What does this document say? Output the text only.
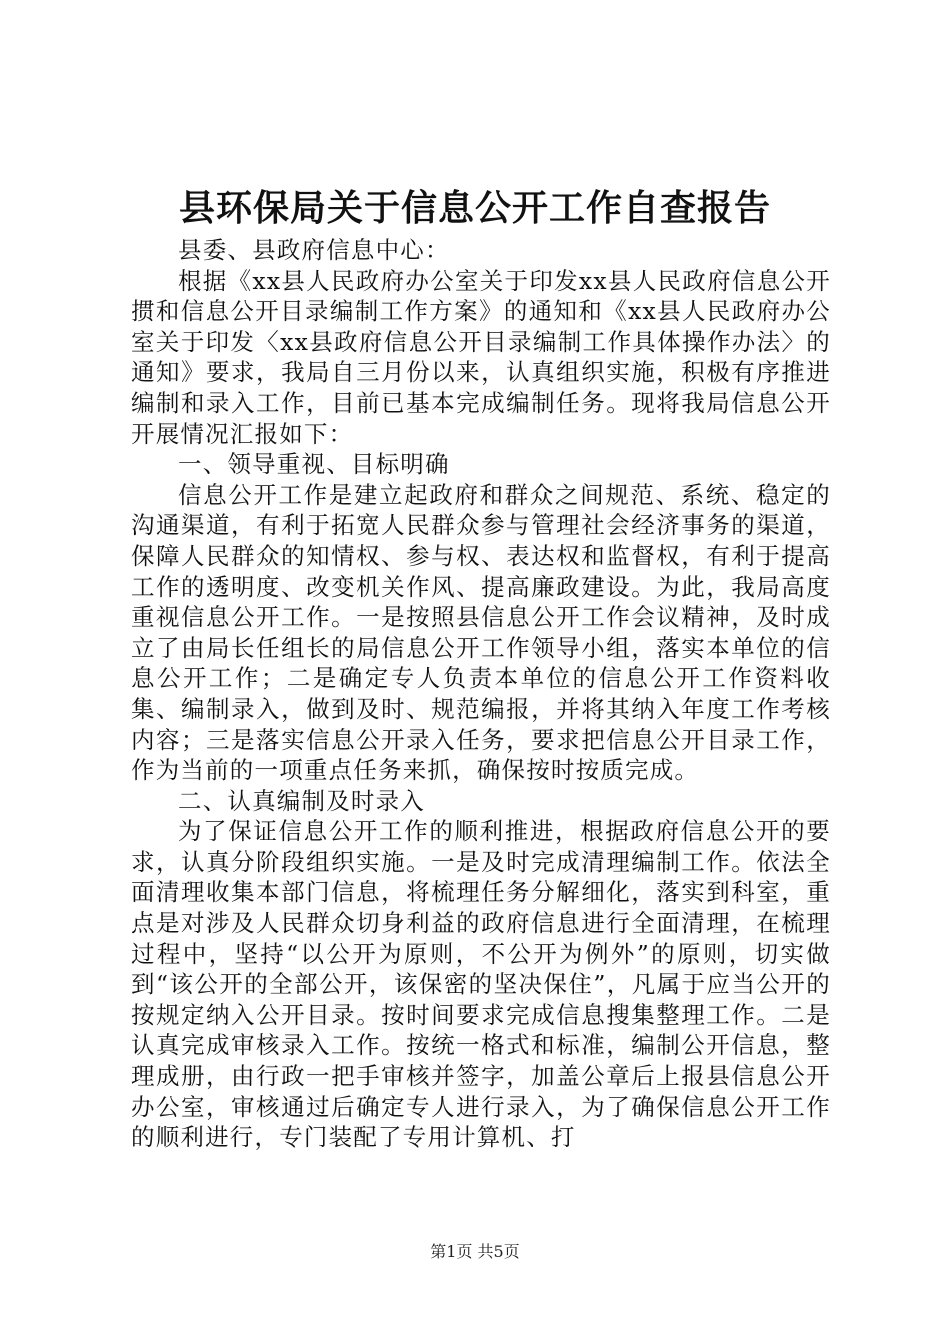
县环保局关于信息公开工作自查报告

县委、县政府信息中心：

根据《xx县人民政府办公室关于印发xx县人民政府信息公开掼和信息公开目录编制工作方案》的通知和《xx县人民政府办公室关于印发〈xx县政府信息公开目录编制工作具体操作办法〉的通知》要求，我局自三月份以来，认真组织实施，积极有序推进编制和录入工作，目前已基本完成编制任务。现将我局信息公开开展情况汇报如下：

一、领导重视、目标明确

信息公开工作是建立起政府和群众之间规范、系统、稳定的沟通渠道，有利于拓宽人民群众参与管理社会经济事务的渠道，保障人民群众的知情权、参与权、表达权和监督权，有利于提高工作的透明度、改变机关作风、提高廉政建设。为此，我局高度重视信息公开工作。一是按照县信息公开工作会议精神，及时成立了由局长任组长的局信息公开工作领导小组，落实本单位的信息公开工作；二是确定专人负责本单位的信息公开工作资料收集、编制录入，做到及时、规范编报，并将其纳入年度工作考核内容；三是落实信息公开录入任务，要求把信息公开目录工作，作为当前的一项重点任务来抓，确保按时按质完成。

二、认真编制及时录入

为了保证信息公开工作的顺利推进，根据政府信息公开的要求，认真分阶段组织实施。一是及时完成清理编制工作。依法全面清理收集本部门信息，将梳理任务分解细化，落实到科室，重点是对涉及人民群众切身利益的政府信息进行全面清理，在梳理过程中，坚持“以公开为原则，不公开为例外”的原则，切实做到“该公开的全部公开，该保密的坚决保住”，凡属于应当公开的按规定纳入公开目录。按时间要求完成信息搜集整理工作。二是认真完成审核录入工作。按统一格式和标准，编制公开信息，整理成册，由行政一把手审核并签字，加盖公章后上报县信息公开办公室，审核通过后确定专人进行录入，为了确保信息公开工作的顺利进行，专门装配了专用计算机、打

第1页 共5页
